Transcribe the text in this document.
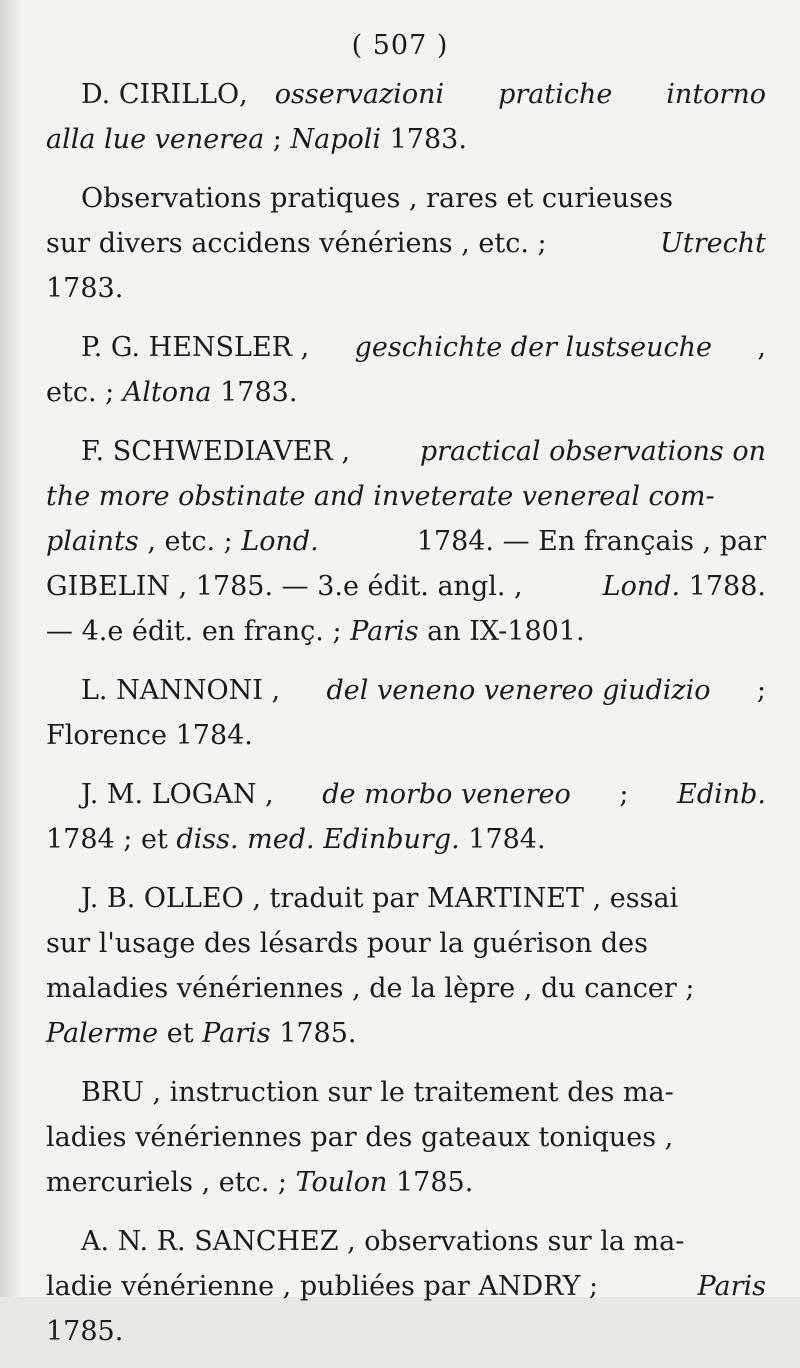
( 507 )
D. CIRILLO, osservazioni pratiche intorno
alla lue venerea ; Napoli 1783.
Observations pratiques , rares et curieuses
sur divers accidens vénériens , etc. ;	Utrecht
1783.
P. G. HENSLER , geschichte der lustseuche ,
etc. ; Altona 1783.
F. SCHWEDIAVER ,	practical observations on
the more obstinate and inveterate venereal com-
plaints , etc. ; Lond.	1784. — En français , par
GIBELIN , 1785. — 3.e édit. angl. ,	Lond. 1788.
— 4.e édit. en franç. ; Paris an IX-1801.
L. NANNONI , del veneno venereo giudizio ;
Florence 1784.
J. M. LOGAN , de morbo venereo ; Edinb.
1784 ; et diss. med. Edinburg. 1784.
J. B. OLLEO , traduit par MARTINET , essai
sur l'usage des lésards pour la guérison des
maladies vénériennes , de la lèpre , du cancer ;
Palerme et Paris 1785.
BRU , instruction sur le traitement des ma-
ladies vénériennes par des gateaux toniques ,
mercuriels , etc. ; Toulon 1785.
A. N. R. SANCHEZ , observations sur la ma-
ladie vénérienne , publiées par ANDRY ;	Paris
1785.
